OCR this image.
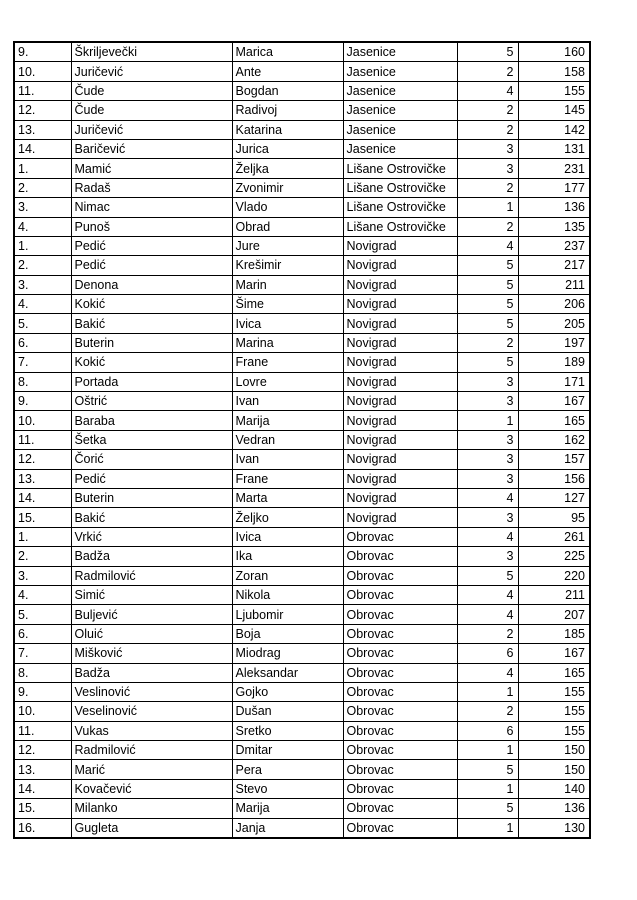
9.	Škriljevečki	Marica	Jasenice	5	160
10.	Juričević	Ante	Jasenice	2	158
11.	Čude	Bogdan	Jasenice	4	155
12.	Čude	Radivoj	Jasenice	2	145
13.	Juričević	Katarina	Jasenice	2	142
14.	Baričević	Jurica	Jasenice	3	131
1.	Mamić	Željka	Lišane Ostrovičke	3	231
2.	Radaš	Zvonimir	Lišane Ostrovičke	2	177
3.	Nimac	Vlado	Lišane Ostrovičke	1	136
4.	Punoš	Obrad	Lišane Ostrovičke	2	135
1.	Pedić	Jure	Novigrad	4	237
2.	Pedić	Krešimir	Novigrad	5	217
3.	Denona	Marin	Novigrad	5	211
4.	Kokić	Šime	Novigrad	5	206
5.	Bakić	Ivica	Novigrad	5	205
6.	Buterin	Marina	Novigrad	2	197
7.	Kokić	Frane	Novigrad	5	189
8.	Portada	Lovre	Novigrad	3	171
9.	Oštrić	Ivan	Novigrad	3	167
10.	Baraba	Marija	Novigrad	1	165
11.	Šetka	Vedran	Novigrad	3	162
12.	Čorić	Ivan	Novigrad	3	157
13.	Pedić	Frane	Novigrad	3	156
14.	Buterin	Marta	Novigrad	4	127
15.	Bakić	Željko	Novigrad	3	95
1.	Vrkić	Ivica	Obrovac	4	261
2.	Badža	Ika	Obrovac	3	225
3.	Radmilović	Zoran	Obrovac	5	220
4.	Simić	Nikola	Obrovac	4	211
5.	Buljević	Ljubomir	Obrovac	4	207
6.	Oluić	Boja	Obrovac	2	185
7.	Mišković	Miodrag	Obrovac	6	167
8.	Badža	Aleksandar	Obrovac	4	165
9.	Veslinović	Gojko	Obrovac	1	155
10.	Veselinović	Dušan	Obrovac	2	155
11.	Vukas	Sretko	Obrovac	6	155
12.	Radmilović	Dmitar	Obrovac	1	150
13.	Marić	Pera	Obrovac	5	150
14.	Kovačević	Stevo	Obrovac	1	140
15.	Milanko	Marija	Obrovac	5	136
16.	Gugleta	Janja	Obrovac	1	130
